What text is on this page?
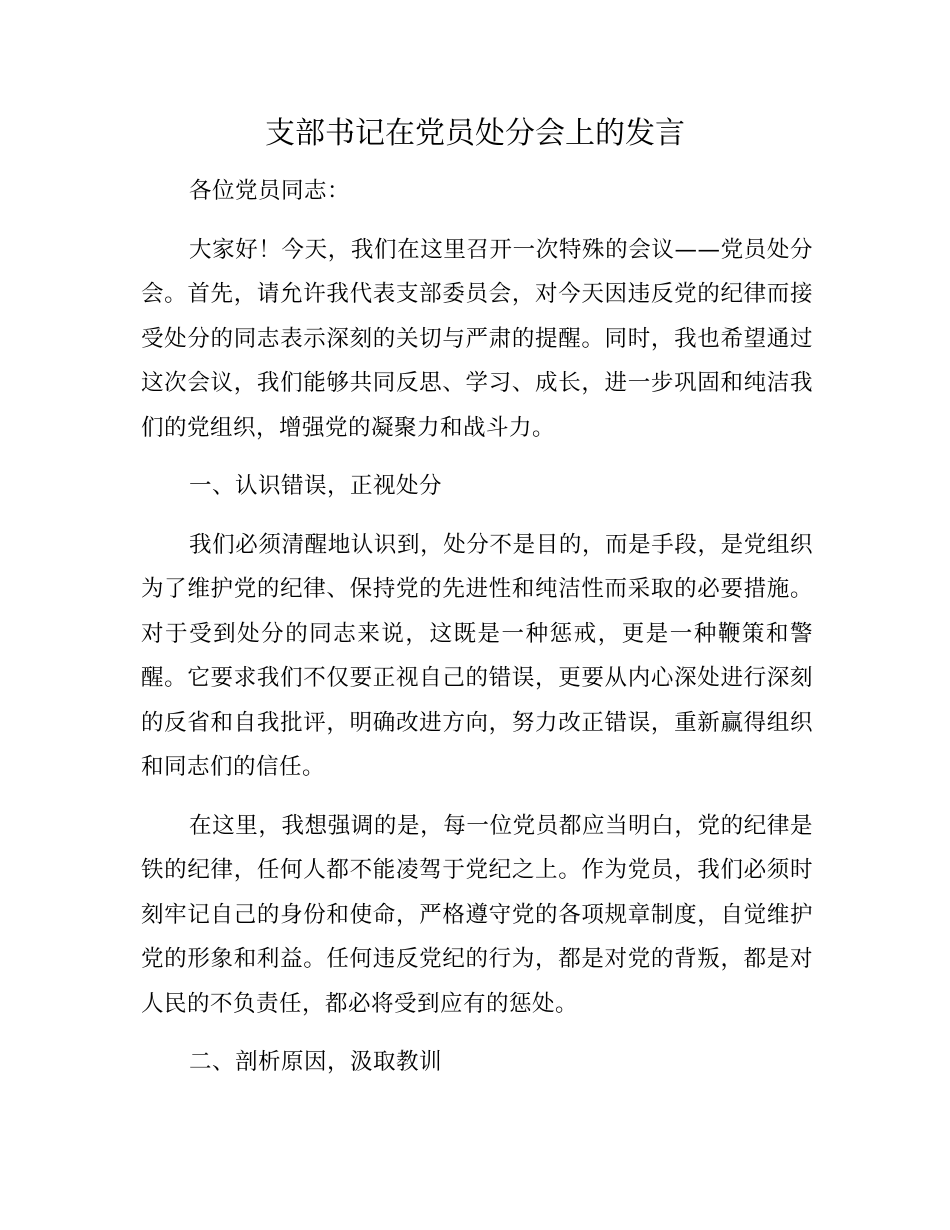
支部书记在党员处分会上的发言

各位党员同志：

大家好！今天，我们在这里召开一次特殊的会议——党员处分会。首先，请允许我代表支部委员会，对今天因违反党的纪律而接受处分的同志表示深刻的关切与严肃的提醒。同时，我也希望通过这次会议，我们能够共同反思、学习、成长，进一步巩固和纯洁我们的党组织，增强党的凝聚力和战斗力。

一、认识错误，正视处分

我们必须清醒地认识到，处分不是目的，而是手段，是党组织为了维护党的纪律、保持党的先进性和纯洁性而采取的必要措施。对于受到处分的同志来说，这既是一种惩戒，更是一种鞭策和警醒。它要求我们不仅要正视自己的错误，更要从内心深处进行深刻的反省和自我批评，明确改进方向，努力改正错误，重新赢得组织和同志们的信任。

在这里，我想强调的是，每一位党员都应当明白，党的纪律是铁的纪律，任何人都不能凌驾于党纪之上。作为党员，我们必须时刻牢记自己的身份和使命，严格遵守党的各项规章制度，自觉维护党的形象和利益。任何违反党纪的行为，都是对党的背叛，都是对人民的不负责任，都必将受到应有的惩处。

二、剖析原因，汲取教训
